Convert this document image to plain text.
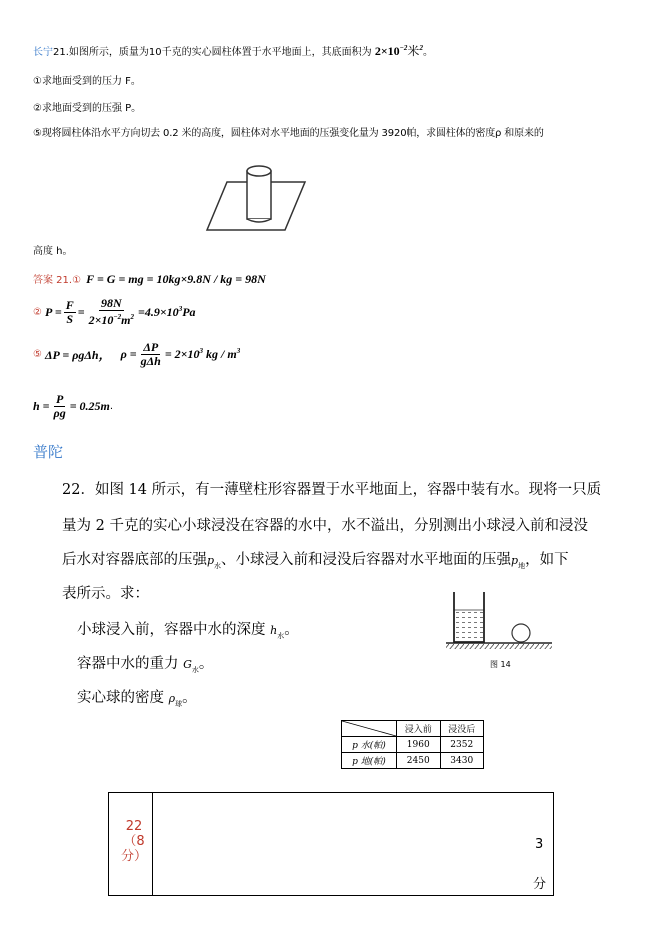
长宁21.如图所示，质量为10千克的实心圆柱体置于水平地面上，其底面积为 $2\times 10^{-2}$米$^2$。
①求地面受到的压力 F。
②求地面受到的压强 P。
⑤现将圆柱体沿水平方向切去 0.2 米的高度，圆柱体对水平地面的压强变化量为 3920帕，求圆柱体的密度ρ 和原来的
高度 h。
答案 21.① F = G = mg = 10kg×9.8N / kg = 98N
② $P = \frac{F}{S} = \frac{98N}{2\times 10^{-2}m^2} =4.9\times 10^3Pa$
⑤ ΔP = ρgΔh， $\rho = \frac{\Delta P}{\text{gΔh}} = 2\times 10^3$ kg / $m^3$
$h = \frac{P}{\rho g} = 0.25m$ .
普陀
22．如图 14 所示，有一薄壁柱形容器置于水平地面上，容器中装有水。现将一只质
量为 2 千克的实心小球浸没在容器的水中，水不溢出，分别测出小球浸入前和浸没
后水对容器底部的压强$p_水$、小球浸入前和浸没后容器对水平地面的压强$p_地$，如下
表所示。求：
小球浸入前，容器中水的深度 $h_水$。
容器中水的重力 $G_水$。
实心球的密度 $\rho_球$。
图 14
	浸入前	浸没后
p 水(帕)	1960	2352
p 地(帕)	2450	3430
22
（8
分）
3
分
